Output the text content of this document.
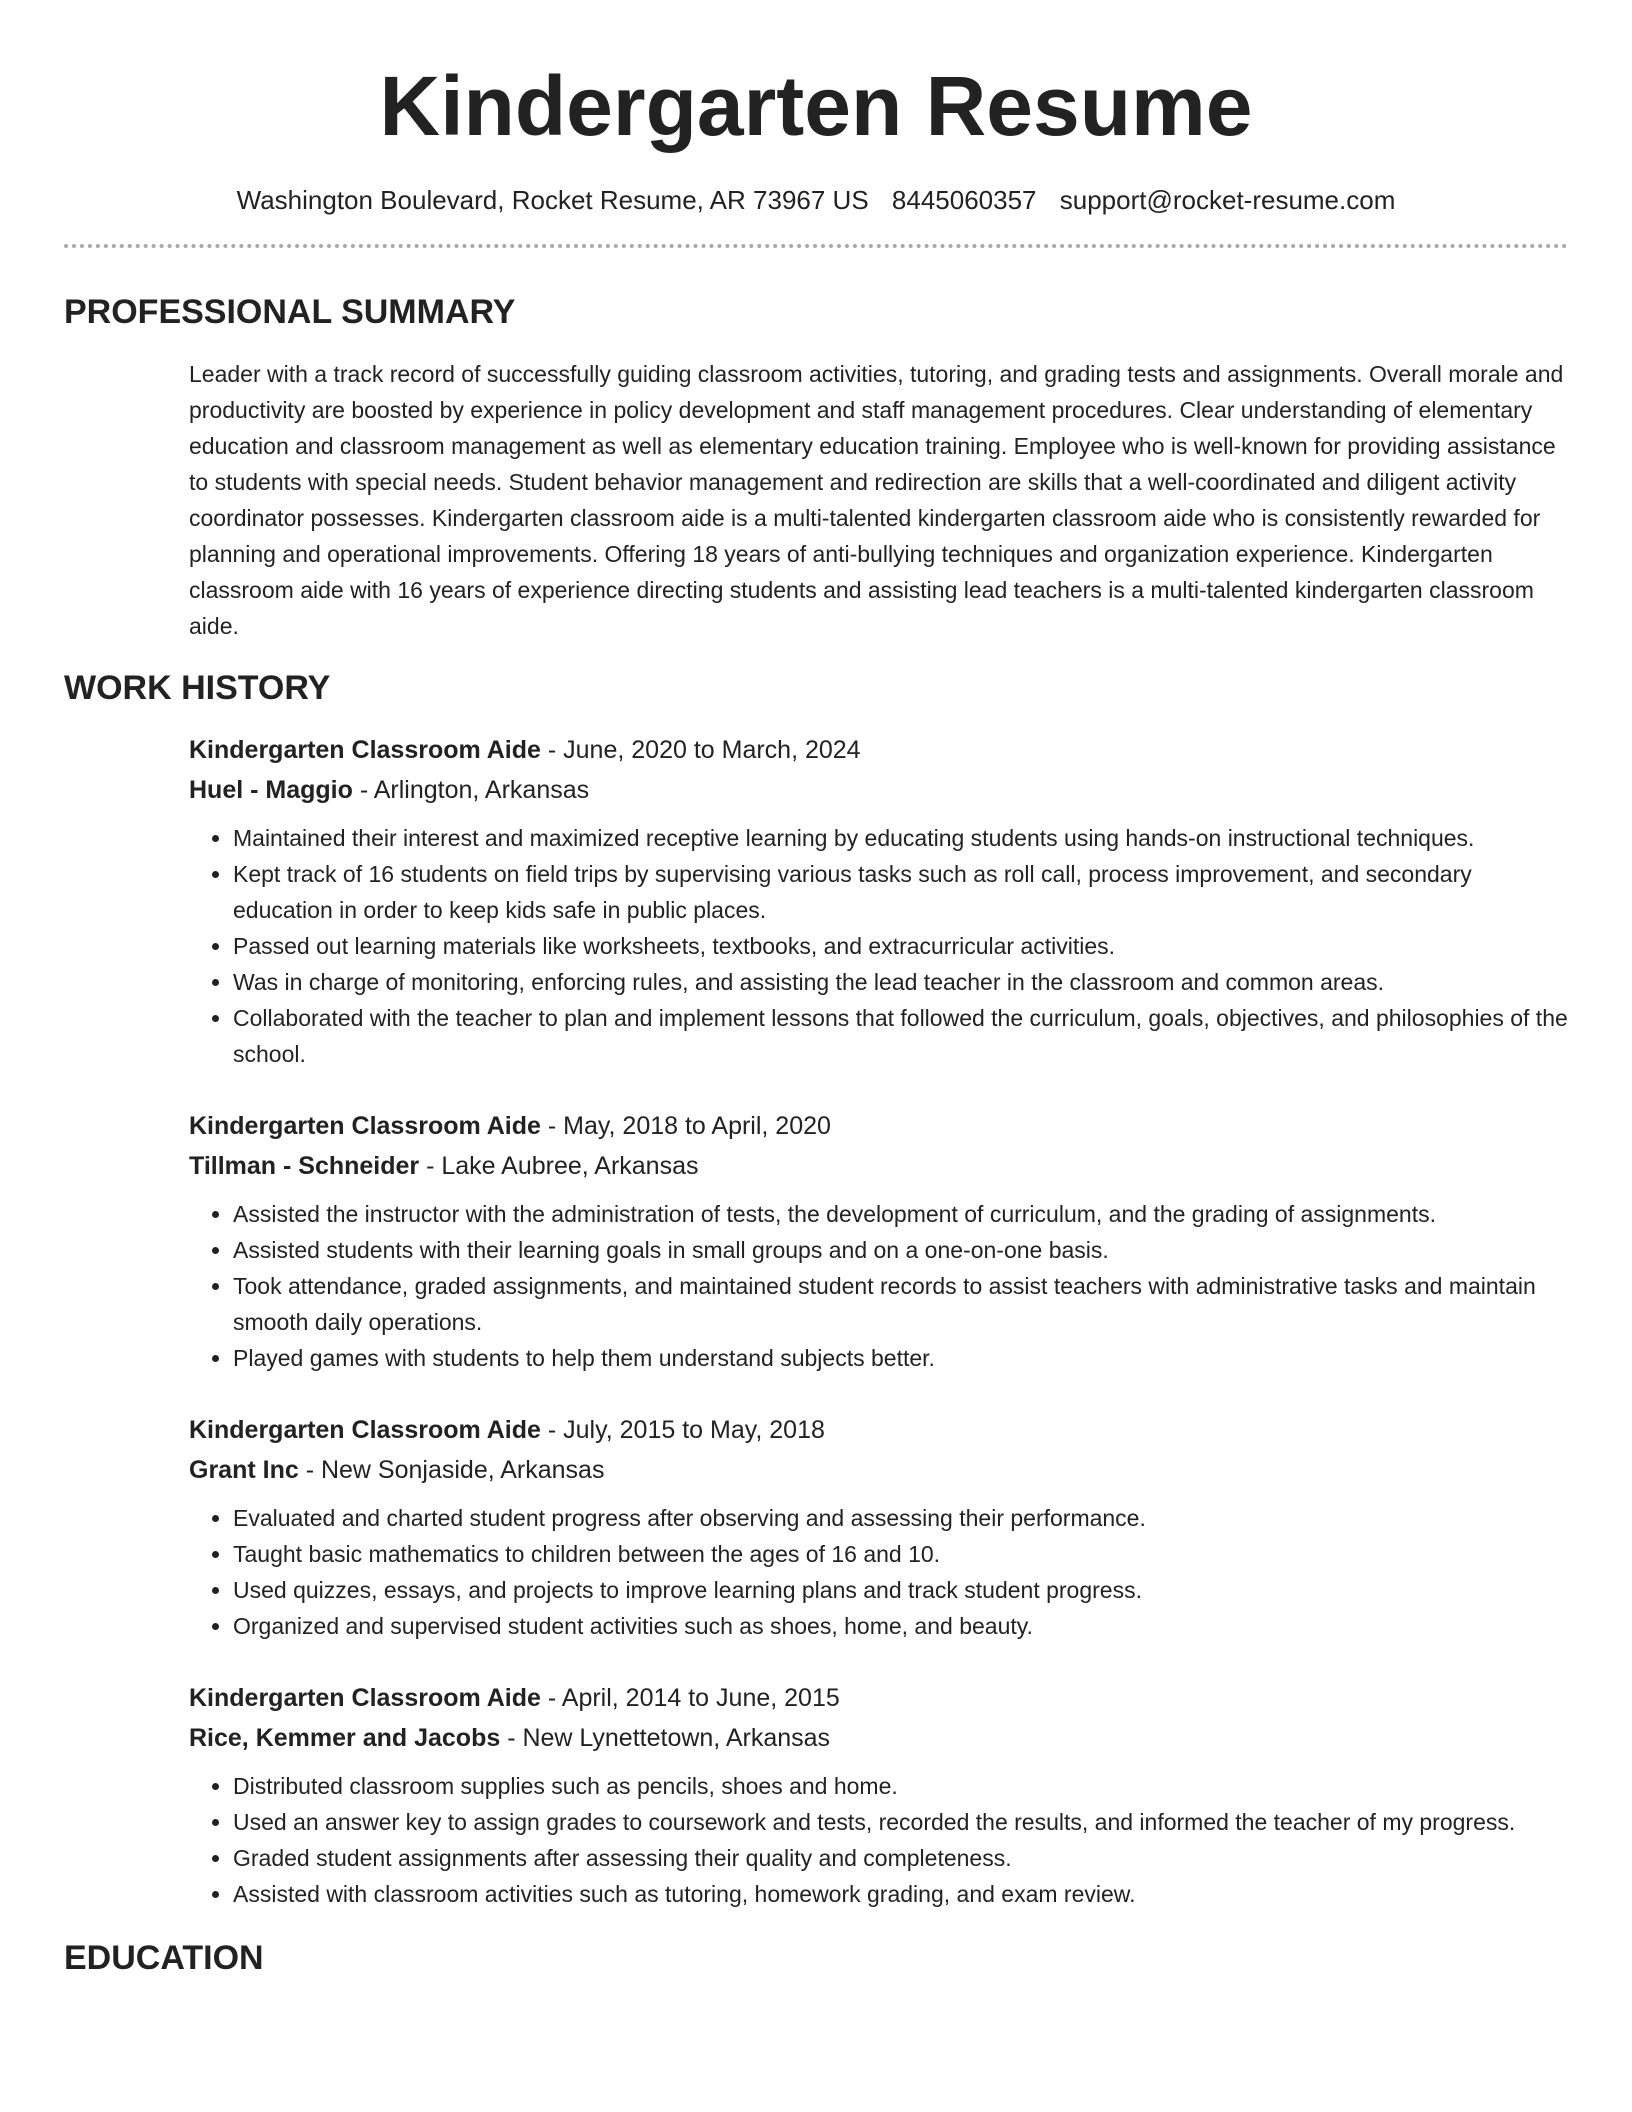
Kindergarten Resume
Washington Boulevard, Rocket Resume, AR 73967 US 8445060357 support@rocket-resume.com
PROFESSIONAL SUMMARY

Leader with a track record of successfully guiding classroom activities, tutoring, and grading tests and assignments. Overall morale and productivity are boosted by experience in policy development and staff management procedures. Clear understanding of elementary education and classroom management as well as elementary education training. Employee who is well-known for providing assistance to students with special needs. Student behavior management and redirection are skills that a well-coordinated and diligent activity coordinator possesses. Kindergarten classroom aide is a multi-talented kindergarten classroom aide who is consistently rewarded for planning and operational improvements. Offering 18 years of anti-bullying techniques and organization experience. Kindergarten classroom aide with 16 years of experience directing students and assisting lead teachers is a multi-talented kindergarten classroom aide.

WORK HISTORY
Kindergarten Classroom Aide - June, 2020 to March, 2024
Huel - Maggio - Arlington, Arkansas
• Maintained their interest and maximized receptive learning by educating students using hands-on instructional techniques.
• Kept track of 16 students on field trips by supervising various tasks such as roll call, process improvement, and secondary education in order to keep kids safe in public places.
• Passed out learning materials like worksheets, textbooks, and extracurricular activities.
• Was in charge of monitoring, enforcing rules, and assisting the lead teacher in the classroom and common areas.
• Collaborated with the teacher to plan and implement lessons that followed the curriculum, goals, objectives, and philosophies of the school.
Kindergarten Classroom Aide - May, 2018 to April, 2020
Tillman - Schneider - Lake Aubree, Arkansas
• Assisted the instructor with the administration of tests, the development of curriculum, and the grading of assignments.
• Assisted students with their learning goals in small groups and on a one-on-one basis.
• Took attendance, graded assignments, and maintained student records to assist teachers with administrative tasks and maintain smooth daily operations.
• Played games with students to help them understand subjects better.
Kindergarten Classroom Aide - July, 2015 to May, 2018
Grant Inc - New Sonjaside, Arkansas
• Evaluated and charted student progress after observing and assessing their performance.
• Taught basic mathematics to children between the ages of 16 and 10.
• Used quizzes, essays, and projects to improve learning plans and track student progress.
• Organized and supervised student activities such as shoes, home, and beauty.
Kindergarten Classroom Aide - April, 2014 to June, 2015
Rice, Kemmer and Jacobs - New Lynettetown, Arkansas
• Distributed classroom supplies such as pencils, shoes and home.
• Used an answer key to assign grades to coursework and tests, recorded the results, and informed the teacher of my progress.
• Graded student assignments after assessing their quality and completeness.
• Assisted with classroom activities such as tutoring, homework grading, and exam review.
EDUCATION
